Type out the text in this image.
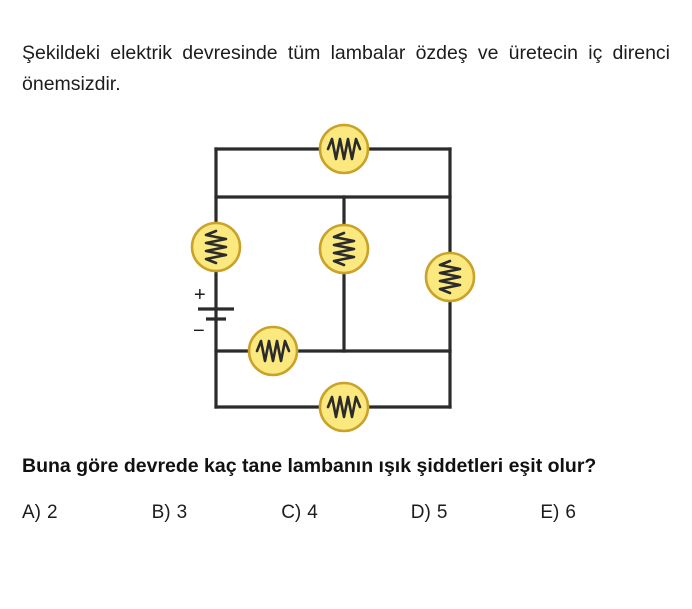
Şekildeki elektrik devresinde tüm lambalar özdeş ve üretecin iç direnci önemsizdir.

+
−

Buna göre devrede kaç tane lambanın ışık şiddetleri eşit olur?

A) 2	B) 3	C) 4	D) 5	E) 6
